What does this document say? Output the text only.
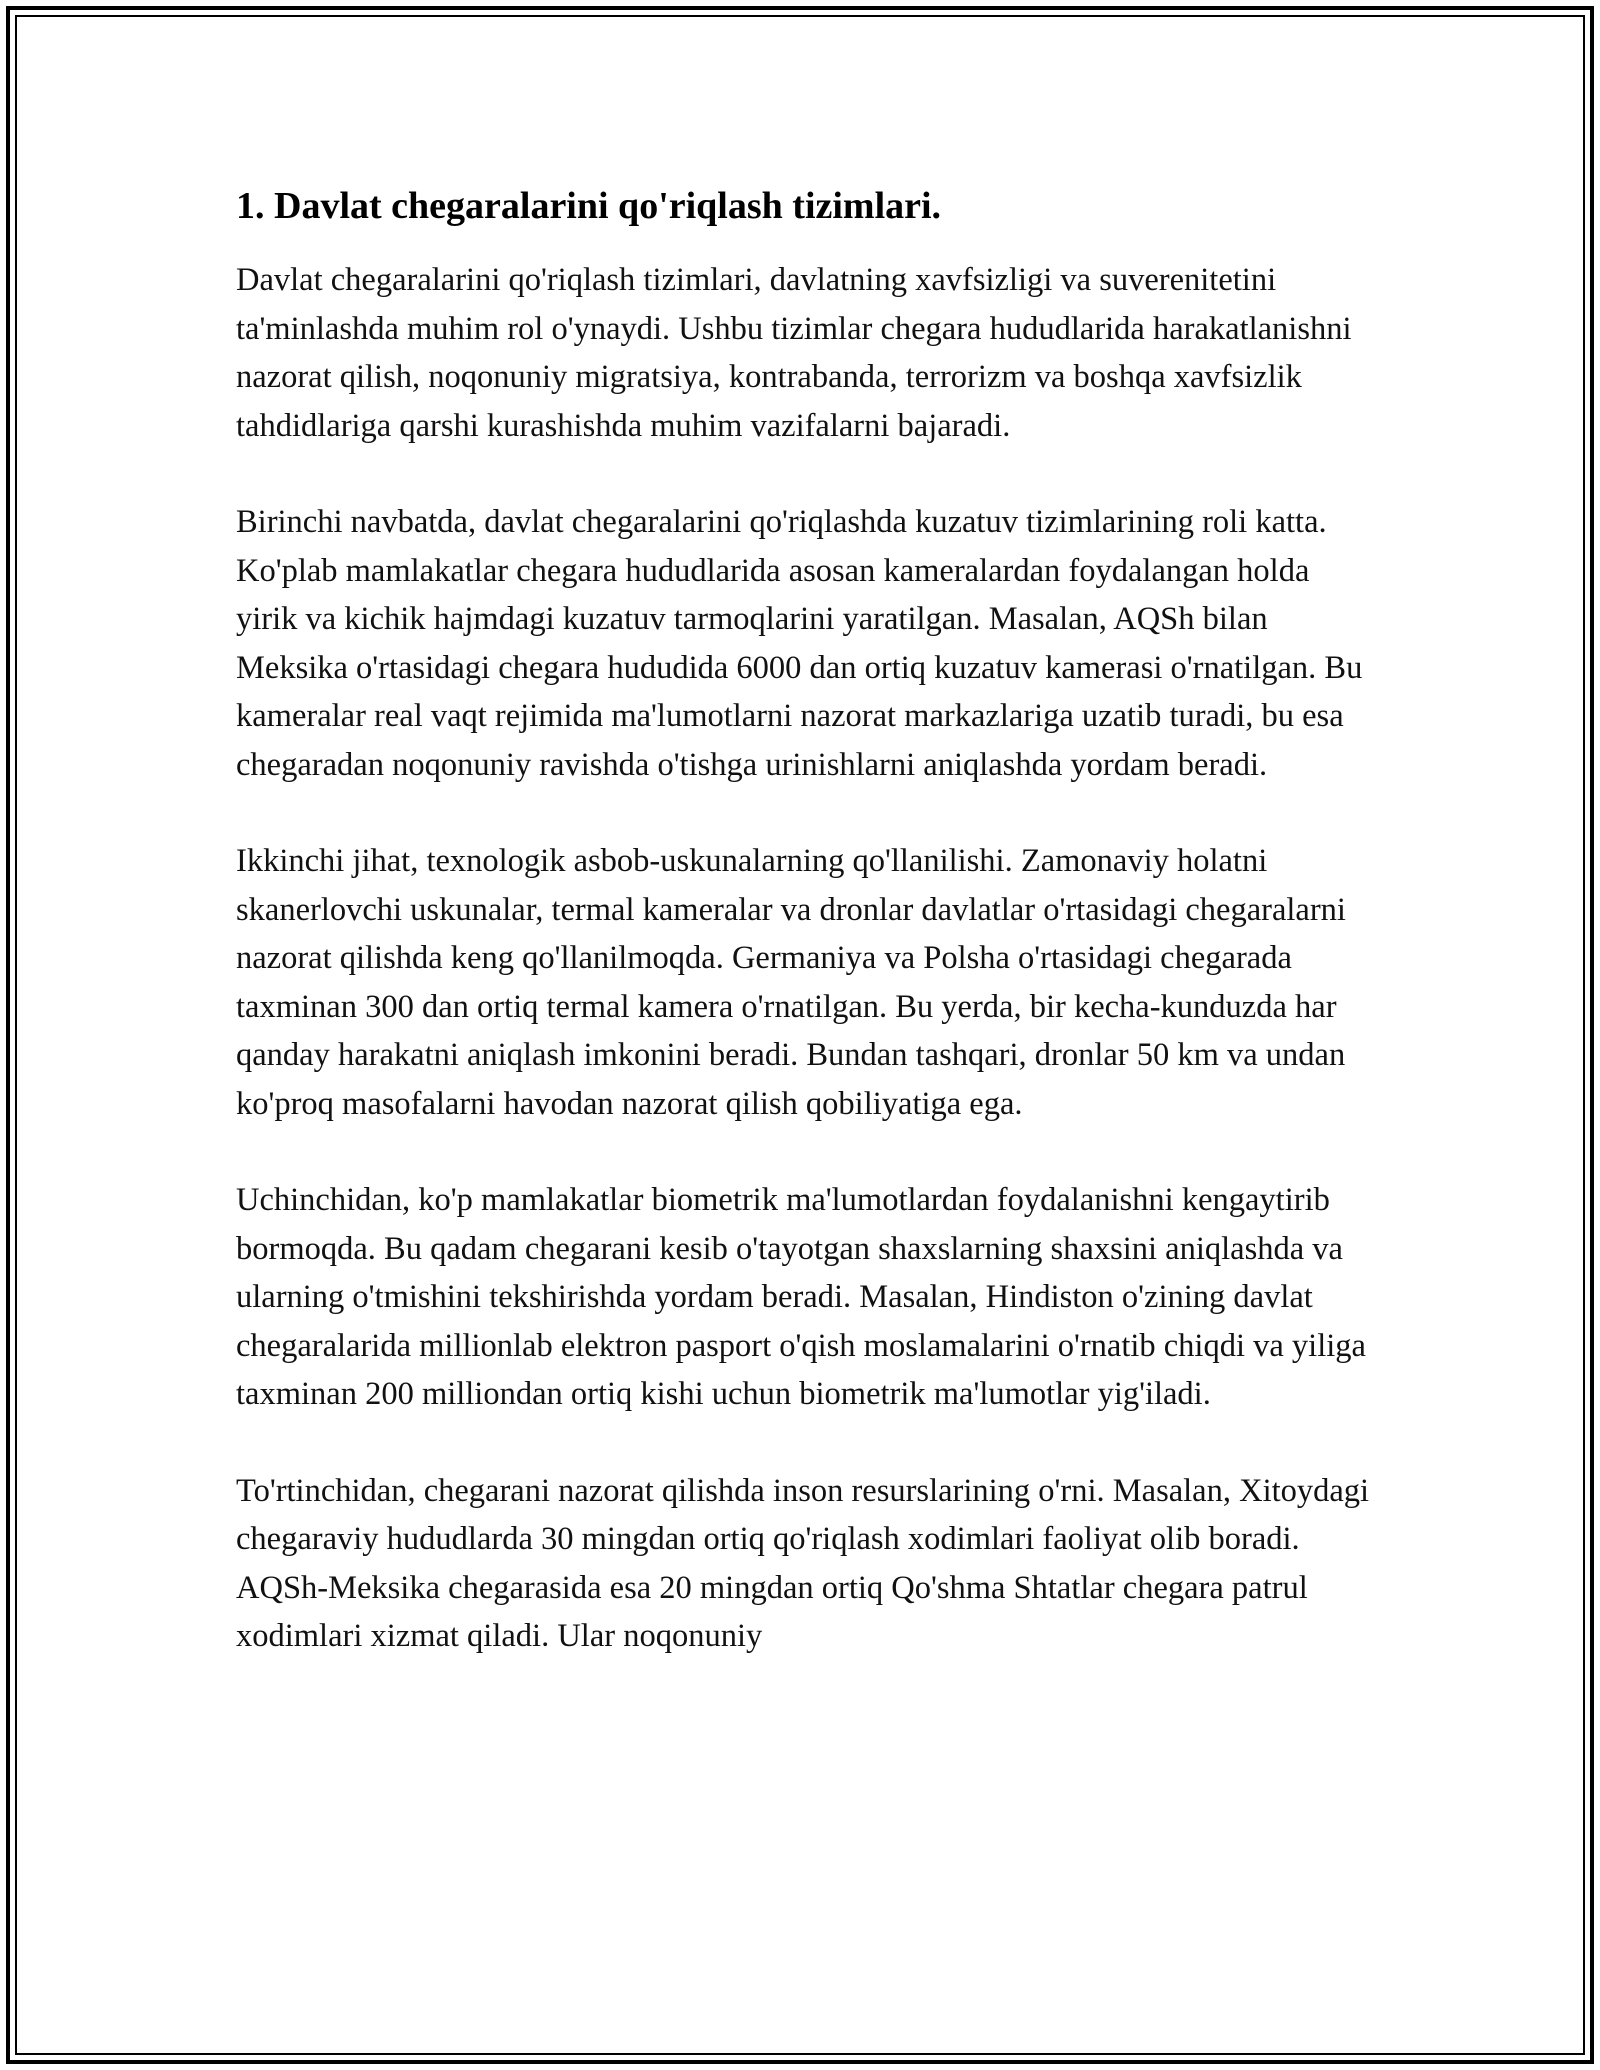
1. Davlat chegaralarini qo'riqlash tizimlari.

Davlat chegaralarini qo'riqlash tizimlari, davlatning xavfsizligi va suverenitetini ta'minlashda muhim rol o'ynaydi. Ushbu tizimlar chegara hududlarida harakatlanishni nazorat qilish, noqonuniy migratsiya, kontrabanda, terrorizm va boshqa xavfsizlik tahdidlariga qarshi kurashishda muhim vazifalarni bajaradi.

Birinchi navbatda, davlat chegaralarini qo'riqlashda kuzatuv tizimlarining roli katta. Ko'plab mamlakatlar chegara hududlarida asosan kameralardan foydalangan holda yirik va kichik hajmdagi kuzatuv tarmoqlarini yaratilgan. Masalan, AQSh bilan Meksika o'rtasidagi chegara hududida 6000 dan ortiq kuzatuv kamerasi o'rnatilgan. Bu kameralar real vaqt rejimida ma'lumotlarni nazorat markazlariga uzatib turadi, bu esa chegaradan noqonuniy ravishda o'tishga urinishlarni aniqlashda yordam beradi.

Ikkinchi jihat, texnologik asbob-uskunalarning qo'llanilishi. Zamonaviy holatni skanerlovchi uskunalar, termal kameralar va dronlar davlatlar o'rtasidagi chegaralarni nazorat qilishda keng qo'llanilmoqda. Germaniya va Polsha o'rtasidagi chegarada taxminan 300 dan ortiq termal kamera o'rnatilgan. Bu yerda, bir kecha-kunduzda har qanday harakatni aniqlash imkonini beradi. Bundan tashqari, dronlar 50 km va undan ko'proq masofalarni havodan nazorat qilish qobiliyatiga ega.

Uchinchidan, ko'p mamlakatlar biometrik ma'lumotlardan foydalanishni kengaytirib bormoqda. Bu qadam chegarani kesib o'tayotgan shaxslarning shaxsini aniqlashda va ularning o'tmishini tekshirishda yordam beradi. Masalan, Hindiston o'zining davlat chegaralarida millionlab elektron pasport o'qish moslamalarini o'rnatib chiqdi va yiliga taxminan 200 milliondan ortiq kishi uchun biometrik ma'lumotlar yig'iladi.

To'rtinchidan, chegarani nazorat qilishda inson resurslarining o'rni. Masalan, Xitoydagi chegaraviy hududlarda 30 mingdan ortiq qo'riqlash xodimlari faoliyat olib boradi. AQSh-Meksika chegarasida esa 20 mingdan ortiq Qo'shma Shtatlar chegara patrul xodimlari xizmat qiladi. Ular noqonuniy
